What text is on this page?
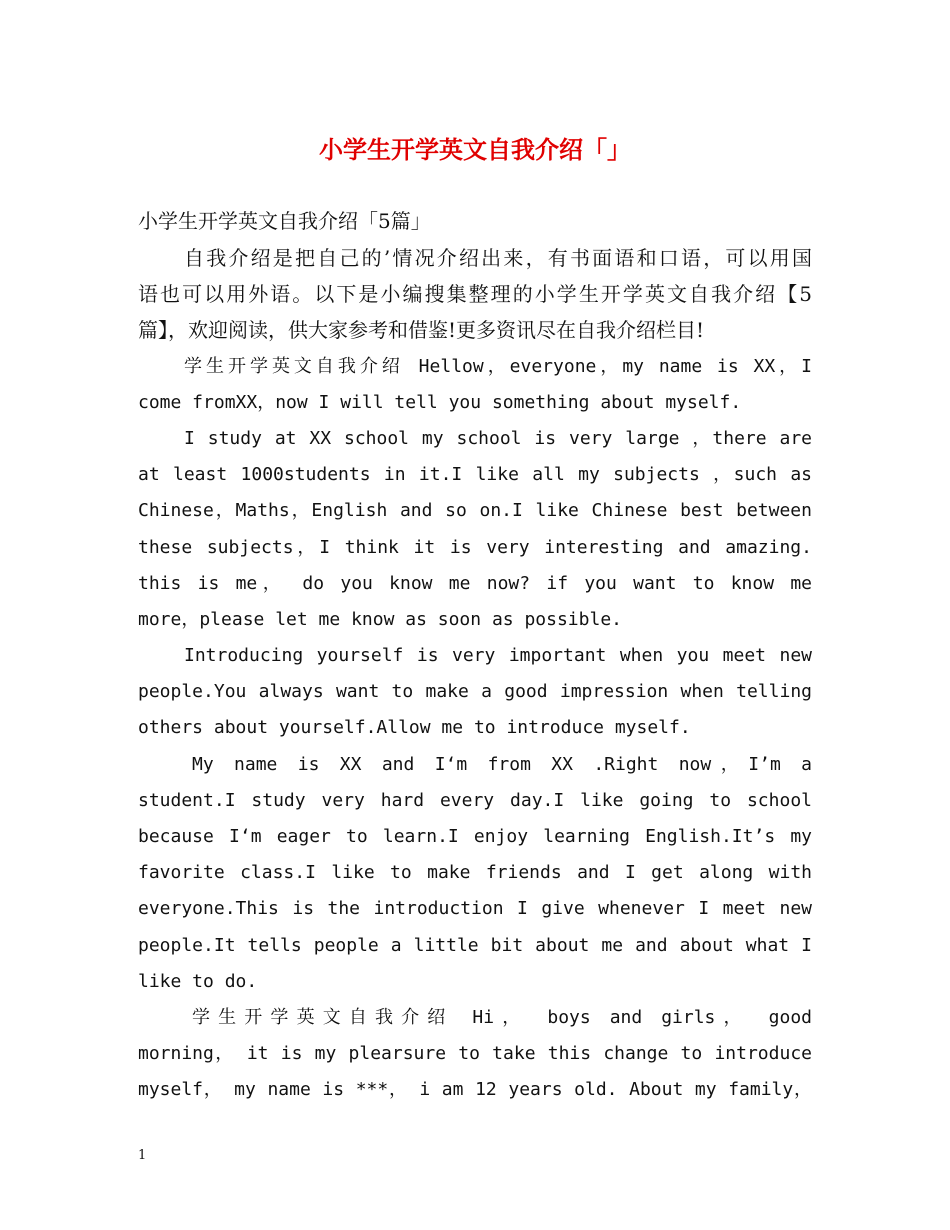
小学生开学英文自我介绍「」
小学生开学英文自我介绍「5篇」
自我介绍是把自己的’情况介绍出来，有书面语和口语，可以用国
语也可以用外语。以下是小编搜集整理的小学生开学英文自我介绍【5
篇】，欢迎阅读，供大家参考和借鉴!更多资讯尽在自我介绍栏目!
学生开学英文自我介绍 Hellow，everyone，my name is XX，I
come fromXX，now I will tell you something about myself.
I study at XX school my school is very large ，there are
at least 1000students in it.I like all my subjects ，such as
Chinese，Maths，English and so on.I like Chinese best between
these subjects，I think it is very interesting and amazing.
this is me， do you know me now? if you want to know me
more，please let me know as soon as possible.
Introducing yourself is very important when you meet new
people.You always want to make a good impression when telling
others about yourself.Allow me to introduce myself.
My name is XX and I‘m from XX .Right now，I’m a
student.I study very hard every day.I like going to school
because I‘m eager to learn.I enjoy learning English.It’s my
favorite class.I like to make friends and I get along with
everyone.This is the introduction I give whenever I meet new
people.It tells people a little bit about me and about what I
like to do.
学生开学英文自我介绍 Hi， boys and girls， good
morning， it is my plearsure to take this change to introduce
myself， my name is ***， i am 12 years old. About my family，
1
